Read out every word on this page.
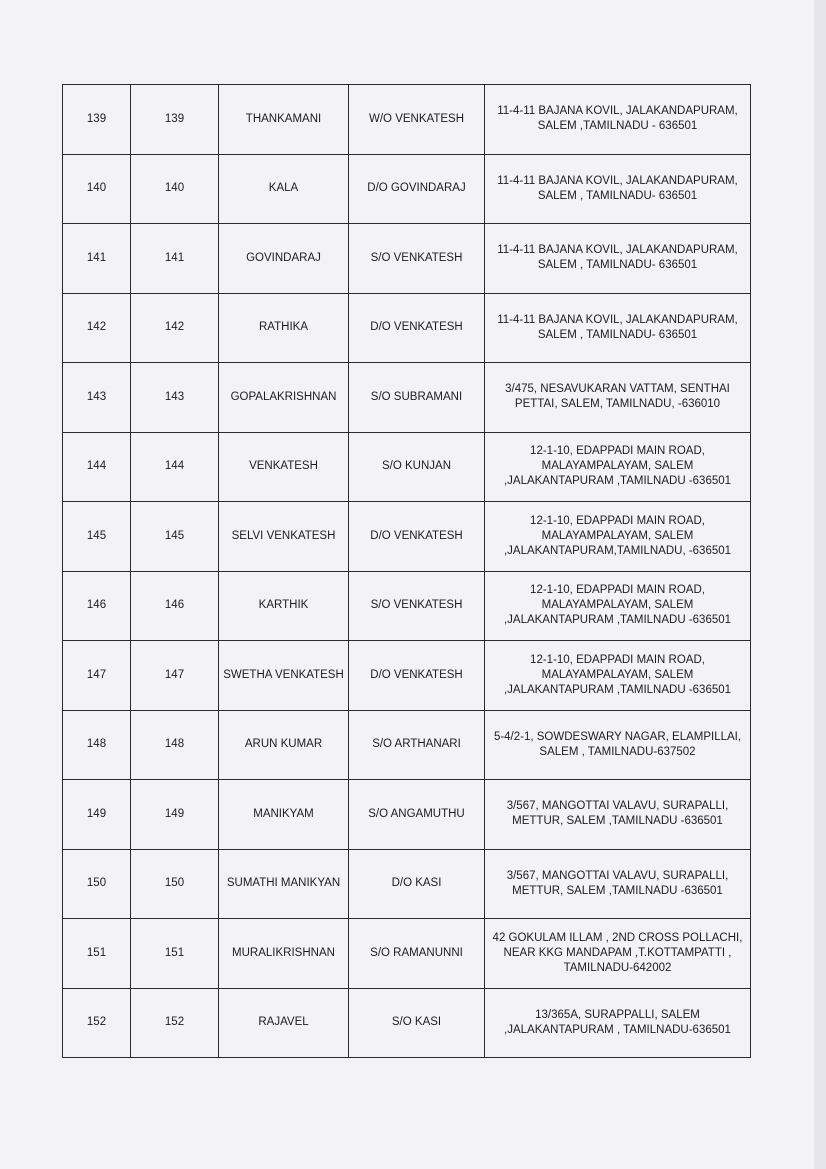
139	139	THANKAMANI	W/O VENKATESH	11-4-11 BAJANA KOVIL, JALAKANDAPURAM, SALEM ,TAMILNADU - 636501
140	140	KALA	D/O GOVINDARAJ	11-4-11 BAJANA KOVIL, JALAKANDAPURAM, SALEM , TAMILNADU- 636501
141	141	GOVINDARAJ	S/O VENKATESH	11-4-11 BAJANA KOVIL, JALAKANDAPURAM, SALEM , TAMILNADU- 636501
142	142	RATHIKA	D/O VENKATESH	11-4-11 BAJANA KOVIL, JALAKANDAPURAM, SALEM , TAMILNADU- 636501
143	143	GOPALAKRISHNAN	S/O SUBRAMANI	3/475, NESAVUKARAN VATTAM, SENTHAI PETTAI, SALEM, TAMILNADU, -636010
144	144	VENKATESH	S/O KUNJAN	12-1-10, EDAPPADI MAIN ROAD, MALAYAMPALAYAM, SALEM ,JALAKANTAPURAM ,TAMILNADU -636501
145	145	SELVI VENKATESH	D/O VENKATESH	12-1-10, EDAPPADI MAIN ROAD, MALAYAMPALAYAM, SALEM ,JALAKANTAPURAM,TAMILNADU, -636501
146	146	KARTHIK	S/O VENKATESH	12-1-10, EDAPPADI MAIN ROAD, MALAYAMPALAYAM, SALEM ,JALAKANTAPURAM ,TAMILNADU -636501
147	147	SWETHA VENKATESH	D/O VENKATESH	12-1-10, EDAPPADI MAIN ROAD, MALAYAMPALAYAM, SALEM ,JALAKANTAPURAM ,TAMILNADU -636501
148	148	ARUN KUMAR	S/O ARTHANARI	5-4/2-1, SOWDESWARY NAGAR, ELAMPILLAI, SALEM , TAMILNADU-637502
149	149	MANIKYAM	S/O ANGAMUTHU	3/567, MANGOTTAI VALAVU, SURAPALLI, METTUR, SALEM ,TAMILNADU -636501
150	150	SUMATHI MANIKYAN	D/O KASI	3/567, MANGOTTAI VALAVU, SURAPALLI, METTUR, SALEM ,TAMILNADU -636501
151	151	MURALIKRISHNAN	S/O RAMANUNNI	42 GOKULAM ILLAM , 2ND CROSS POLLACHI, NEAR KKG MANDAPAM ,T.KOTTAMPATTI , TAMILNADU-642002
152	152	RAJAVEL	S/O KASI	13/365A, SURAPPALLI, SALEM ,JALAKANTAPURAM , TAMILNADU-636501
